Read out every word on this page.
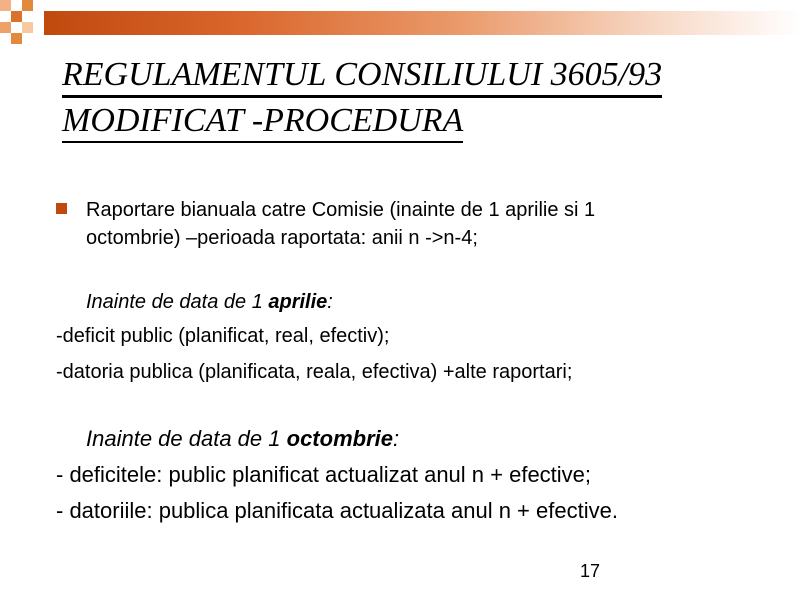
REGULAMENTUL CONSILIULUI 3605/93
MODIFICAT -PROCEDURA
Raportare bianuala catre Comisie (inainte de 1 aprilie si 1
octombrie) –perioada raportata: anii n ->n-4;
Inainte de data de 1 aprilie:
-deficit public (planificat, real, efectiv);
-datoria publica (planificata, reala, efectiva) +alte raportari;
Inainte de data de 1 octombrie:
- deficitele: public planificat actualizat anul n + efective;
- datoriile: publica planificata actualizata anul n + efective.
17
